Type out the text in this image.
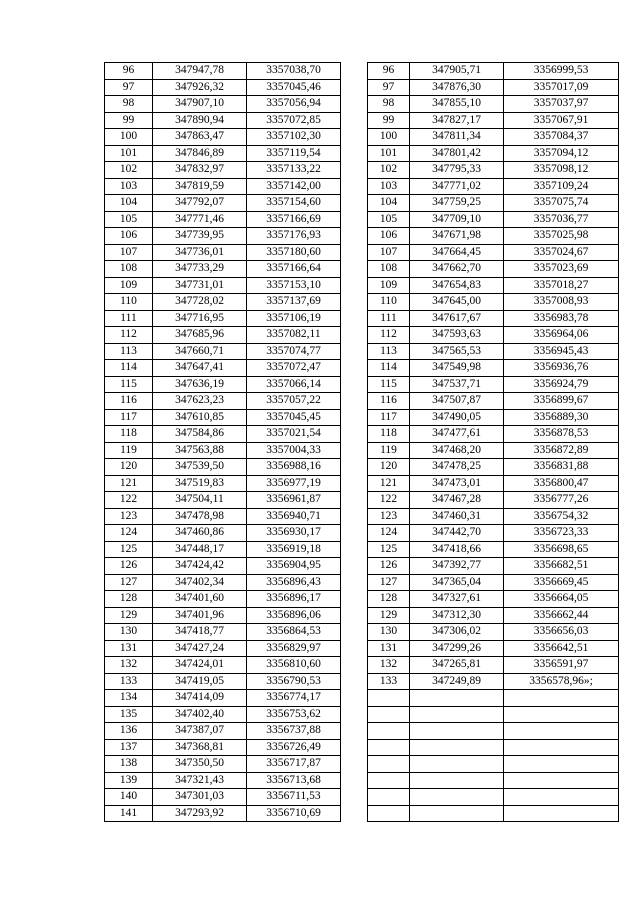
96	347947,78	3357038,70
97	347926,32	3357045,46
98	347907,10	3357056,94
99	347890,94	3357072,85
100	347863,47	3357102,30
101	347846,89	3357119,54
102	347832,97	3357133,22
103	347819,59	3357142,00
104	347792,07	3357154,60
105	347771,46	3357166,69
106	347739,95	3357176,93
107	347736,01	3357180,60
108	347733,29	3357166,64
109	347731,01	3357153,10
110	347728,02	3357137,69
111	347716,95	3357106,19
112	347685,96	3357082,11
113	347660,71	3357074,77
114	347647,41	3357072,47
115	347636,19	3357066,14
116	347623,23	3357057,22
117	347610,85	3357045,45
118	347584,86	3357021,54
119	347563,88	3357004,33
120	347539,50	3356988,16
121	347519,83	3356977,19
122	347504,11	3356961,87
123	347478,98	3356940,71
124	347460,86	3356930,17
125	347448,17	3356919,18
126	347424,42	3356904,95
127	347402,34	3356896,43
128	347401,60	3356896,17
129	347401,96	3356896,06
130	347418,77	3356864,53
131	347427,24	3356829,97
132	347424,01	3356810,60
133	347419,05	3356790,53
134	347414,09	3356774,17
135	347402,40	3356753,62
136	347387,07	3356737,88
137	347368,81	3356726,49
138	347350,50	3356717,87
139	347321,43	3356713,68
140	347301,03	3356711,53
141	347293,92	3356710,69
96	347905,71	3356999,53
97	347876,30	3357017,09
98	347855,10	3357037,97
99	347827,17	3357067,91
100	347811,34	3357084,37
101	347801,42	3357094,12
102	347795,33	3357098,12
103	347771,02	3357109,24
104	347759,25	3357075,74
105	347709,10	3357036,77
106	347671,98	3357025,98
107	347664,45	3357024,67
108	347662,70	3357023,69
109	347654,83	3357018,27
110	347645,00	3357008,93
111	347617,67	3356983,78
112	347593,63	3356964,06
113	347565,53	3356945,43
114	347549,98	3356936,76
115	347537,71	3356924,79
116	347507,87	3356899,67
117	347490,05	3356889,30
118	347477,61	3356878,53
119	347468,20	3356872,89
120	347478,25	3356831,88
121	347473,01	3356800,47
122	347467,28	3356777,26
123	347460,31	3356754,32
124	347442,70	3356723,33
125	347418,66	3356698,65
126	347392,77	3356682,51
127	347365,04	3356669,45
128	347327,61	3356664,05
129	347312,30	3356662,44
130	347306,02	3356656,03
131	347299,26	3356642,51
132	347265,81	3356591,97
133	347249,89	3356578,96»;
